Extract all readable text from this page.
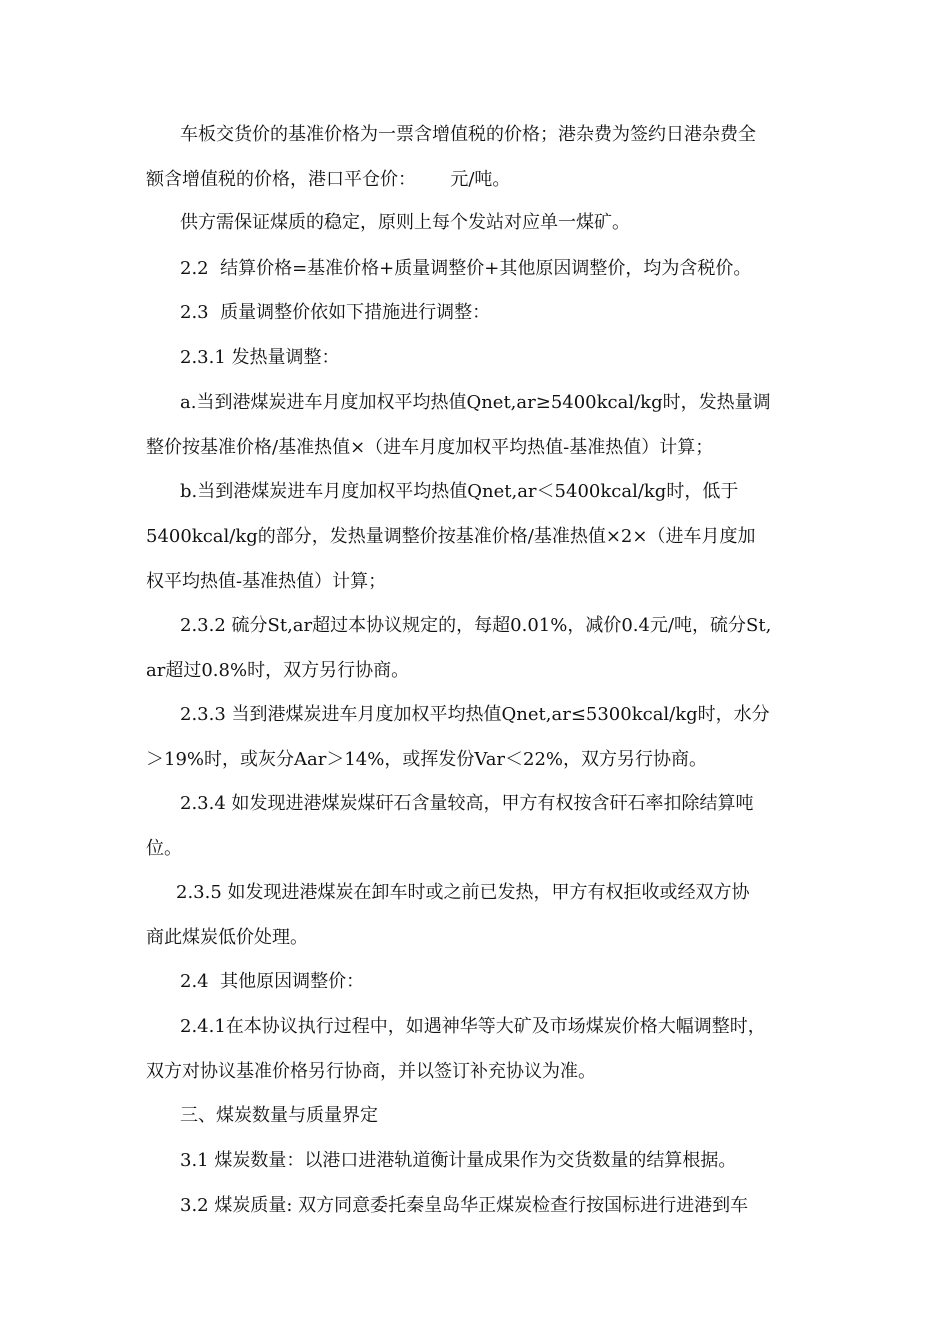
车板交货价的基准价格为一票含增值税的价格；港杂费为签约日港杂费全
额含增值税的价格，港口平仓价：      元/吨。
供方需保证煤质的稳定，原则上每个发站对应单一煤矿。
2.2  结算价格=基准价格+质量调整价+其他原因调整价，均为含税价。
2.3  质量调整价依如下措施进行调整：
2.3.1 发热量调整：
a.当到港煤炭进车月度加权平均热值Qnet,ar≥5400kcal/kg时，发热量调
整价按基准价格/基准热值×（进车月度加权平均热值-基准热值）计算；
b.当到港煤炭进车月度加权平均热值Qnet,ar＜5400kcal/kg时，低于
5400kcal/kg的部分，发热量调整价按基准价格/基准热值×2×（进车月度加
权平均热值-基准热值）计算；
2.3.2 硫分St,ar超过本协议规定的，每超0.01%，减价0.4元/吨，硫分St,
ar超过0.8%时，双方另行协商。
2.3.3 当到港煤炭进车月度加权平均热值Qnet,ar≤5300kcal/kg时，水分
＞19%时，或灰分Aar＞14%，或挥发份Var＜22%，双方另行协商。
2.3.4 如发现进港煤炭煤矸石含量较高，甲方有权按含矸石率扣除结算吨
位。
2.3.5 如发现进港煤炭在卸车时或之前已发热，甲方有权拒收或经双方协
商此煤炭低价处理。
2.4  其他原因调整价：
2.4.1在本协议执行过程中，如遇神华等大矿及市场煤炭价格大幅调整时，
双方对协议基准价格另行协商，并以签订补充协议为准。
三、煤炭数量与质量界定
3.1 煤炭数量：以港口进港轨道衡计量成果作为交货数量的结算根据。
3.2 煤炭质量: 双方同意委托秦皇岛华正煤炭检查行按国标进行进港到车
